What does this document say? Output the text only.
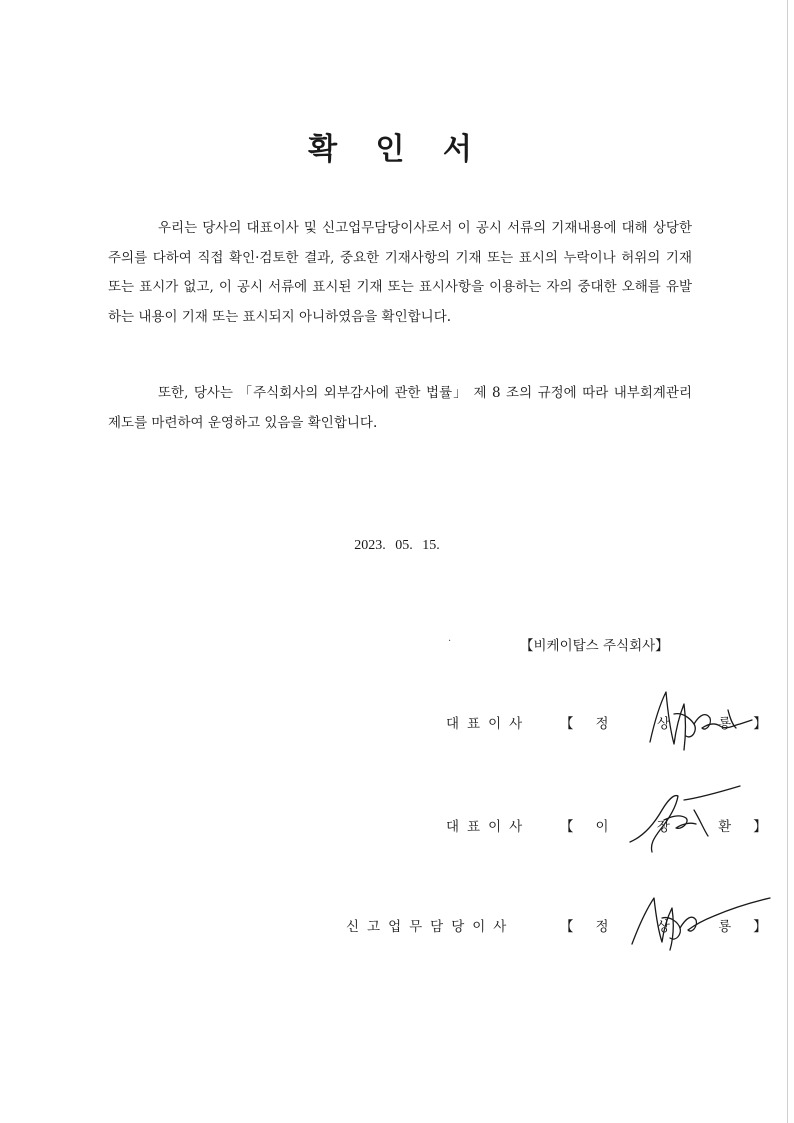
확 인 서

우리는 당사의 대표이사 및 신고업무담당이사로서 이 공시 서류의 기재내용에 대해 상당한 주의를 다하여 직접 확인·검토한 결과, 중요한 기재사항의 기재 또는 표시의 누락이나 허위의 기재 또는 표시가 없고, 이 공시 서류에 표시된 기재 또는 표시사항을 이용하는 자의 중대한 오해를 유발하는 내용이 기재 또는 표시되지 아니하였음을 확인합니다.

또한, 당사는 「주식회사의 외부감사에 관한 법률」 제 8 조의 규정에 따라 내부회계관리 제도를 마련하여 운영하고 있음을 확인합니다.

2023. 05. 15.
·	【비케이탑스 주식회사】
대표이사 【정 상 룡】
대표이사 【이 장 환】
신고업무담당이사	【정 상 룡】
